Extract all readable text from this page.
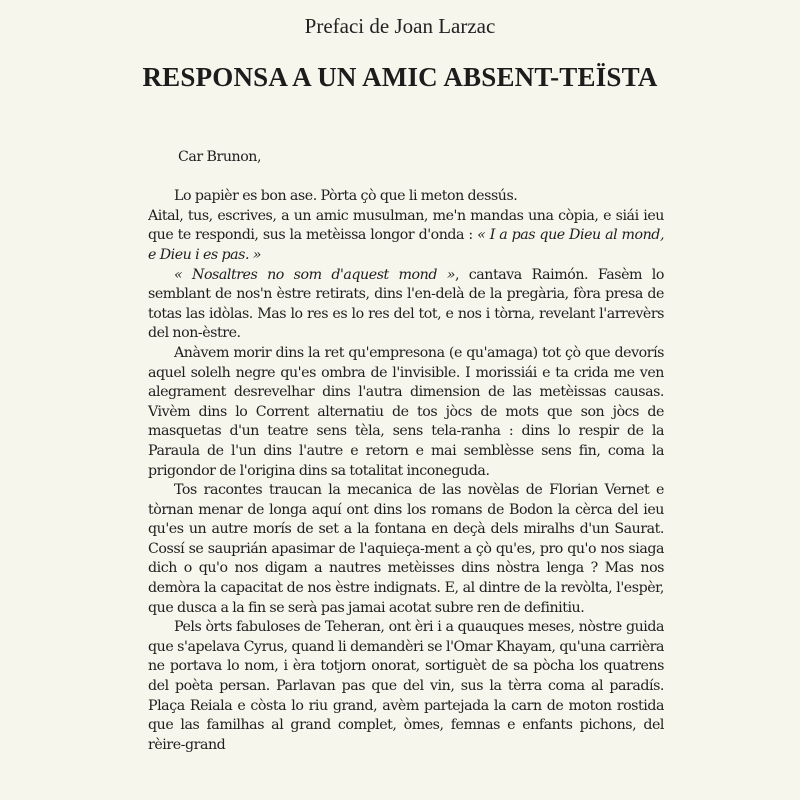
Prefaci de Joan Larzac
RESPONSA A UN AMIC ABSENT-TEÏSTA

Car Brunon,

Lo papièr es bon ase. Pòrta çò que li meton dessús.

Aital, tus, escrives, a un amic musulman, me'n mandas una còpia, e siái ieu que te respondi, sus la metèissa longor d'onda : « I a pas que Dieu al mond, e Dieu i es pas. »

« Nosaltres no som d'aquest mond », cantava Raimón. Fasèm lo semblant de nos'n èstre retirats, dins l'en-delà de la pregària, fòra presa de totas las idòlas. Mas lo res es lo res del tot, e nos i tòrna, revelant l'arrevèrs del non-èstre.

Anàvem morir dins la ret qu'empresona (e qu'amaga) tot çò que devorís aquel solelh negre qu'es ombra de l'invisible. I morissiái e ta crida me ven alegrament desrevelhar dins l'autra dimension de las metèissas causas. Vivèm dins lo Corrent alternatiu de tos jòcs de mots que son jòcs de masquetas d'un teatre sens tèla, sens tela-ranha : dins lo respir de la Paraula de l'un dins l'autre e retorn e mai semblèsse sens fin, coma la prigondor de l'origina dins sa totalitat inconeguda.

Tos racontes traucan la mecanica de las novèlas de Florian Vernet e tòrnan menar de longa aquí ont dins los romans de Bodon la cèrca del ieu qu'es un autre morís de set a la fontana en deçà dels miralhs d'un Saurat. Cossí se sauprián apasimar de l'aquieça-ment a çò qu'es, pro qu'o nos siaga dich o qu'o nos digam a nautres metèisses dins nòstra lenga ? Mas nos demòra la capacitat de nos èstre indignats. E, al dintre de la revòlta, l'espèr, que dusca a la fin se serà pas jamai acotat subre ren de definitiu.

Pels òrts fabuloses de Teheran, ont èri i a quauques meses, nòstre guida que s'apelava Cyrus, quand li demandèri se l'Omar Khayam, qu'una carrièra ne portava lo nom, i èra totjorn onorat, sortiguèt de sa pòcha los quatrens del poèta persan. Parlavan pas que del vin, sus la tèrra coma al paradís. Plaça Reiala e còsta lo riu grand, avèm partejada la carn de moton rostida que las familhas al grand complet, òmes, femnas e enfants pichons, del rèire-grand
